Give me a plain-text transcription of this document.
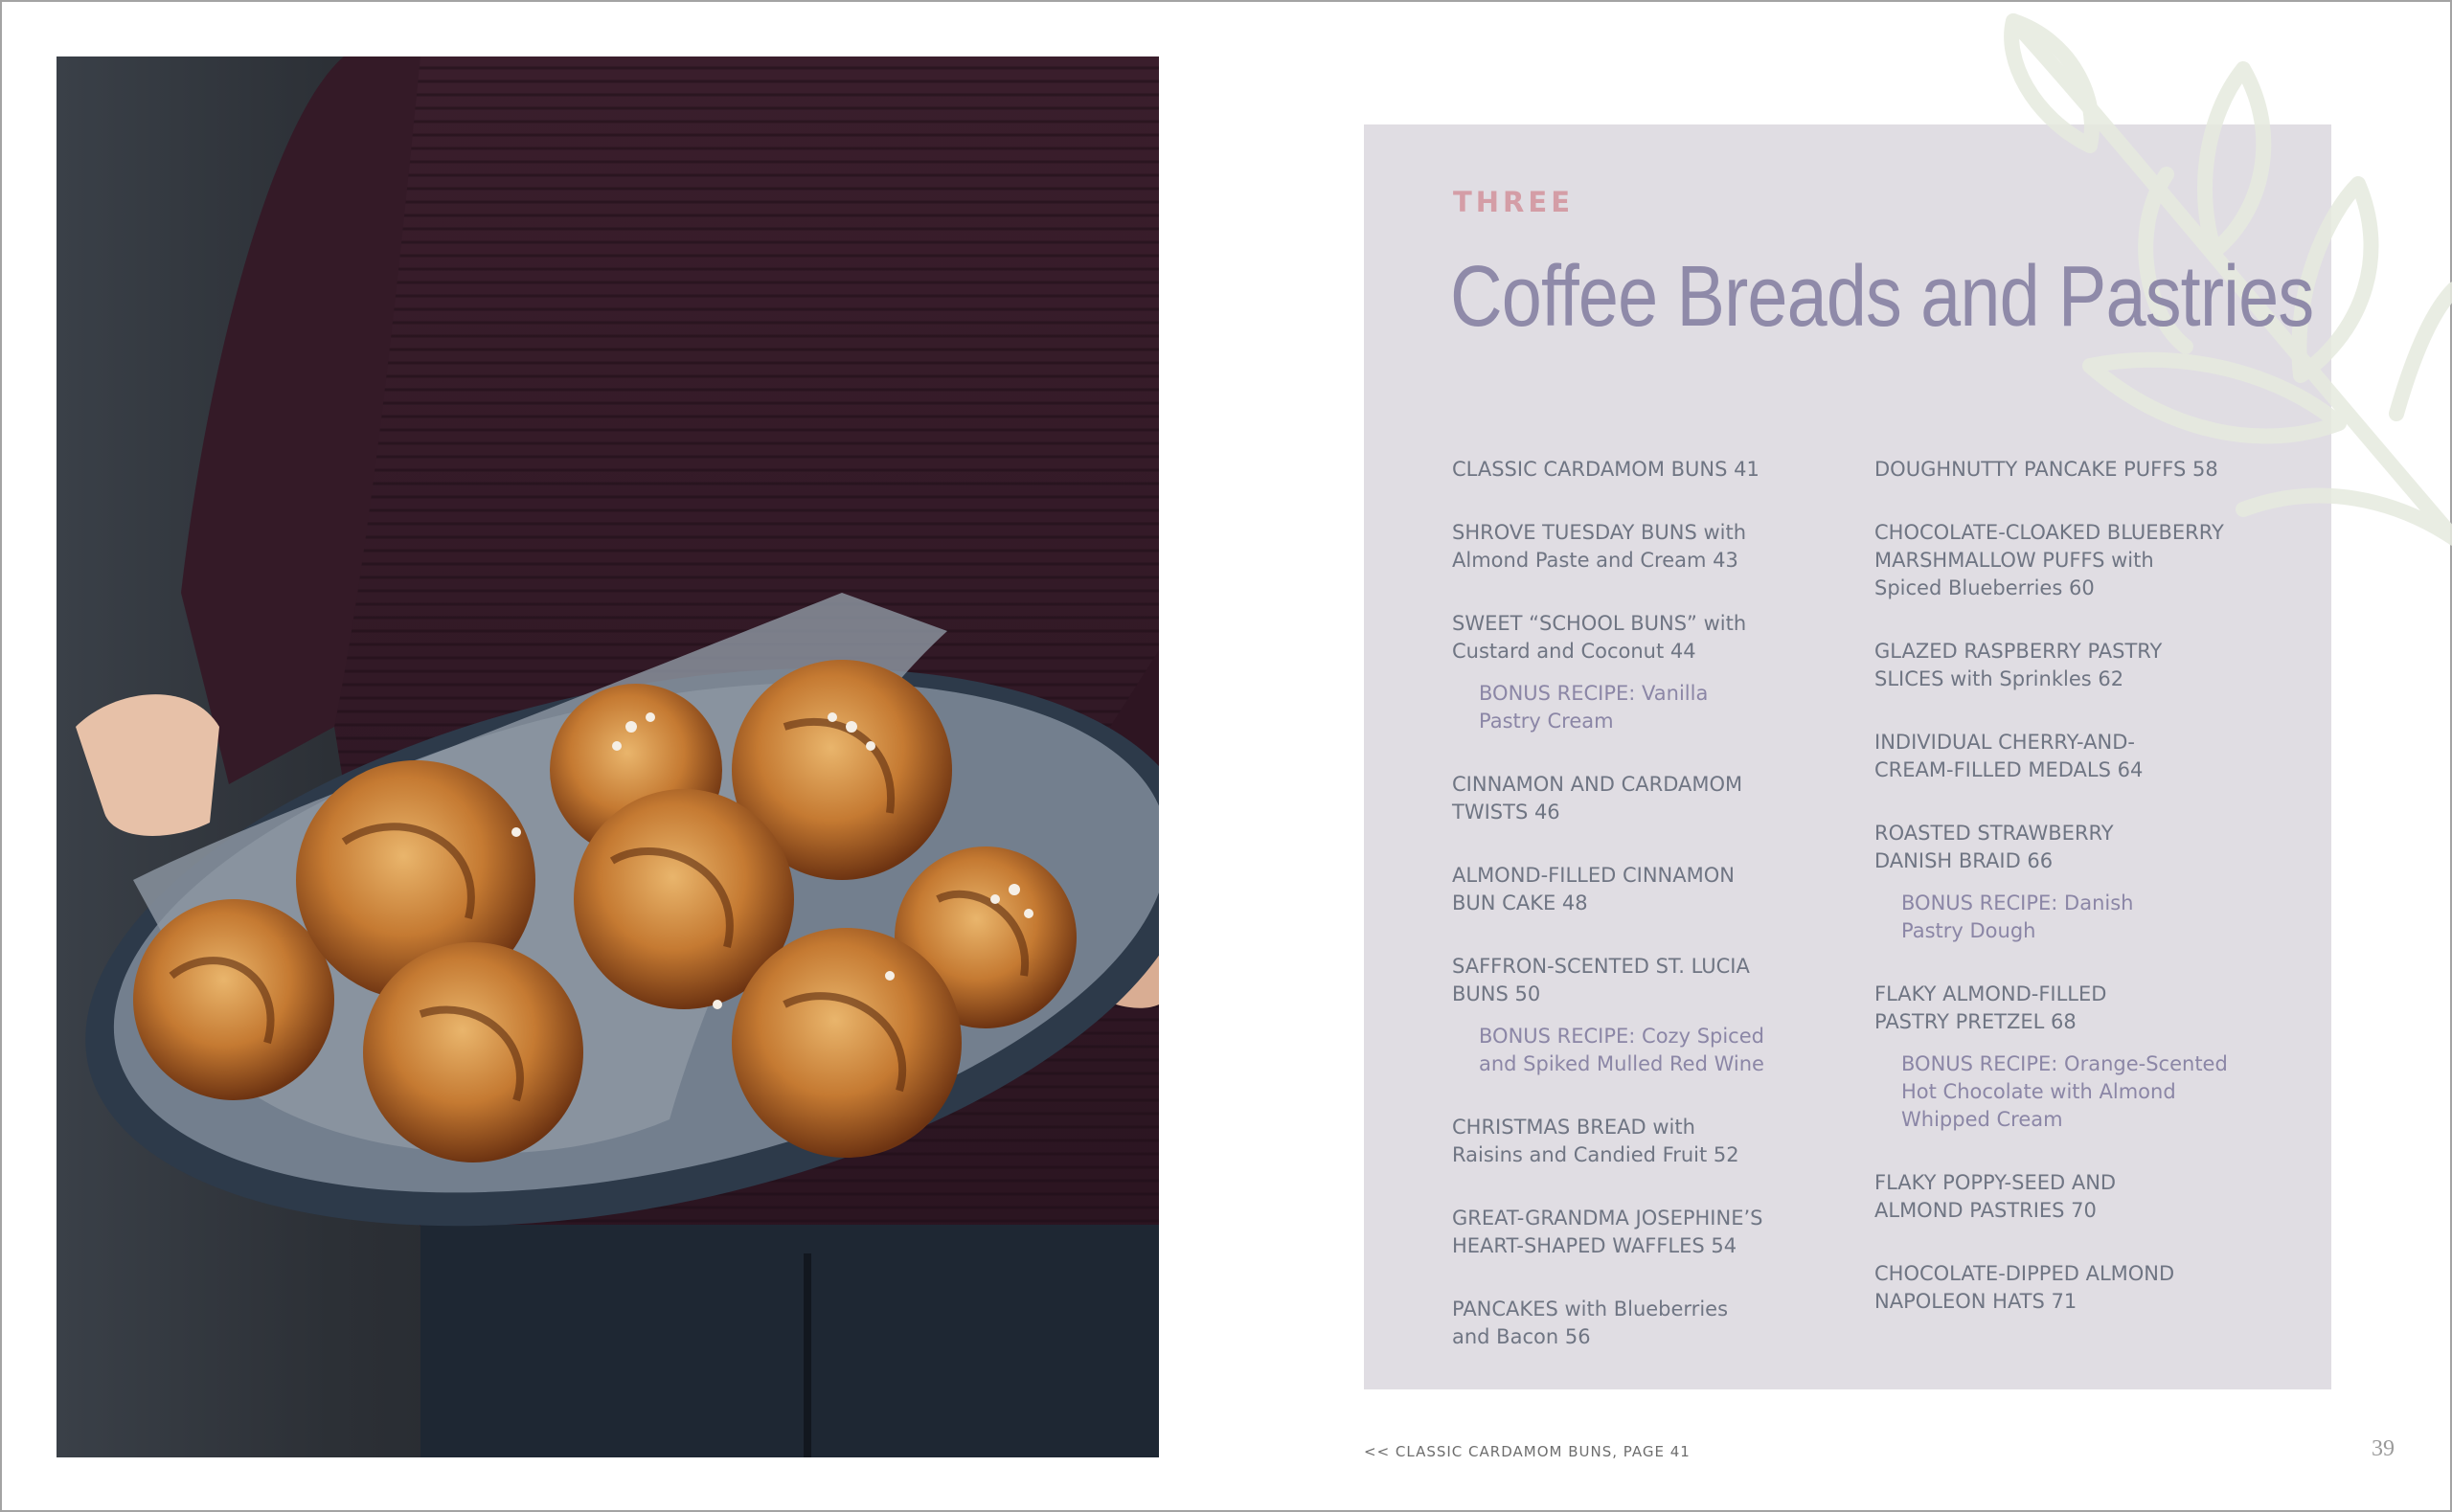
THREE
Coffee Breads and Pastries
CLASSIC CARDAMOM BUNS 41
SHROVE TUESDAY BUNS with
Almond Paste and Cream 43
SWEET “SCHOOL BUNS” with
Custard and Coconut 44
BONUS RECIPE: Vanilla
Pastry Cream
CINNAMON AND CARDAMOM
TWISTS 46
ALMOND-FILLED CINNAMON
BUN CAKE 48
SAFFRON-SCENTED ST. LUCIA
BUNS 50
BONUS RECIPE: Cozy Spiced
and Spiked Mulled Red Wine
CHRISTMAS BREAD with
Raisins and Candied Fruit 52
GREAT-GRANDMA JOSEPHINE’S
HEART-SHAPED WAFFLES 54
PANCAKES with Blueberries
and Bacon 56
DOUGHNUTTY PANCAKE PUFFS 58
CHOCOLATE-CLOAKED BLUEBERRY
MARSHMALLOW PUFFS with
Spiced Blueberries 60
GLAZED RASPBERRY PASTRY
SLICES with Sprinkles 62
INDIVIDUAL CHERRY-AND-
CREAM-FILLED MEDALS 64
ROASTED STRAWBERRY
DANISH BRAID 66
BONUS RECIPE: Danish
Pastry Dough
FLAKY ALMOND-FILLED
PASTRY PRETZEL 68
BONUS RECIPE: Orange-Scented
Hot Chocolate with Almond
Whipped Cream
FLAKY POPPY-SEED AND
ALMOND PASTRIES 70
CHOCOLATE-DIPPED ALMOND
NAPOLEON HATS 71
<< CLASSIC CARDAMOM BUNS, PAGE 41	39
